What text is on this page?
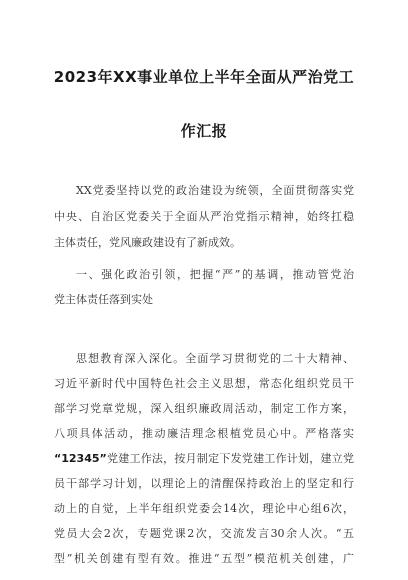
2023年XX事业单位上半年全面从严治党工
作汇报
XX党委坚持以党的政治建设为统领，全面贯彻落实党
中央、自治区党委关于全面从严治党指示精神，始终扛稳
主体责任，党风廉政建设有了新成效。
一、强化政治引领，把握“严”的基调，推动管党治
党主体责任落到实处
思想教育深入深化。全面学习贯彻党的二十大精神、
习近平新时代中国特色社会主义思想，常态化组织党员干
部学习党章党规，深入组织廉政周活动，制定工作方案，
八项具体活动，推动廉洁理念根植党员心中。严格落实
“12345”党建工作法，按月制定下发党建工作计划，建立党
员干部学习计划，以理论上的清醒保持政治上的坚定和行
动上的自觉，上半年组织党委会14次，理论中心组6次，
党员大会2次，专题党课2次，交流发言30余人次。“五
型”机关创建有型有效。推进“五型”模范机关创建，广
